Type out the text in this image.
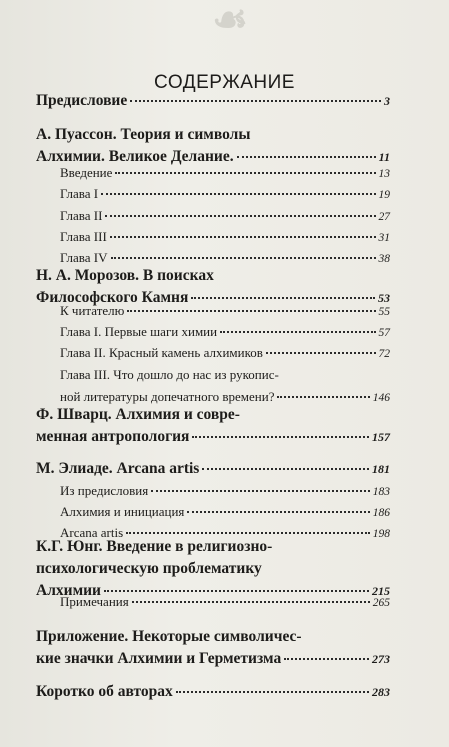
☙
СОДЕРЖАНИЕ
Предисловие	3
А. Пуассон. Теория и символы
Алхимии. Великое Делание.	11
Введение	13
Глава I	19
Глава II	27
Глава III	31
Глава IV	38
Н. А. Морозов. В поисках
Философского Камня	53
К читателю	55
Глава I. Первые шаги химии	57
Глава II. Красный камень алхимиков	72
Глава III. Что дошло до нас из рукопис-
ной литературы допечатного времени?	146
Ф. Шварц. Алхимия и совре-
менная антропология	157
М. Элиаде. Arcana artis	181
Из предисловия	183
Алхимия и инициация	186
Arcana artis	198
К.Г. Юнг. Введение в религиозно-
психологическую проблематику
Алхимии	215
Примечания	265
Приложение. Некоторые символичес-
кие значки Алхимии и Герметизма	273
Коротко об авторах	283
